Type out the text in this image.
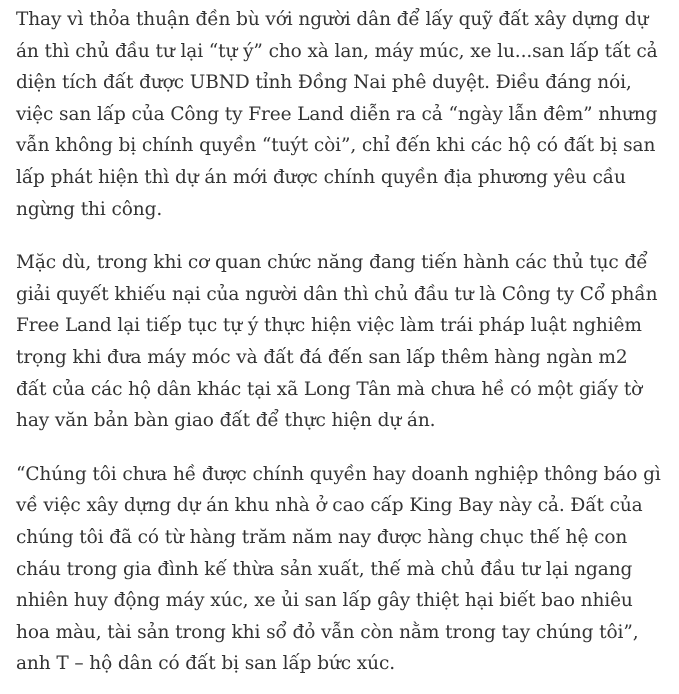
Thay vì thỏa thuận đền bù với người dân để lấy quỹ đất xây dựng dự án thì chủ đầu tư lại “tự ý” cho xà lan, máy múc, xe lu...san lấp tất cả diện tích đất được UBND tỉnh Đồng Nai phê duyệt. Điều đáng nói, việc san lấp của Công ty Free Land diễn ra cả “ngày lẫn đêm” nhưng vẫn không bị chính quyền “tuýt còi”, chỉ đến khi các hộ có đất bị san lấp phát hiện thì dự án mới được chính quyền địa phương yêu cầu ngừng thi công.

Mặc dù, trong khi cơ quan chức năng đang tiến hành các thủ tục để giải quyết khiếu nại của người dân thì chủ đầu tư là Công ty Cổ phần Free Land lại tiếp tục tự ý thực hiện việc làm trái pháp luật nghiêm trọng khi đưa máy móc và đất đá đến san lấp thêm hàng ngàn m2 đất của các hộ dân khác tại xã Long Tân mà chưa hề có một giấy tờ hay văn bản bàn giao đất để thực hiện dự án.

“Chúng tôi chưa hề được chính quyền hay doanh nghiệp thông báo gì về việc xây dựng dự án khu nhà ở cao cấp King Bay này cả. Đất của chúng tôi đã có từ hàng trăm năm nay được hàng chục thế hệ con cháu trong gia đình kế thừa sản xuất, thế mà chủ đầu tư lại ngang nhiên huy động máy xúc, xe ủi san lấp gây thiệt hại biết bao nhiêu hoa màu, tài sản trong khi sổ đỏ vẫn còn nằm trong tay chúng tôi”, anh T – hộ dân có đất bị san lấp bức xúc.
